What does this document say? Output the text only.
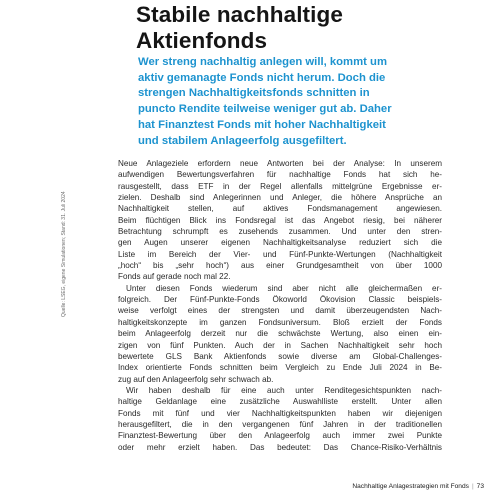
Stabile nachhaltige
Aktienfonds
Wer streng nachhaltig anlegen will, kommt um
aktiv gemanagte Fonds nicht herum. Doch die
strengen Nachhaltigkeitsfonds schnitten in
puncto Rendite teilweise weniger gut ab. Daher
hat Finanztest Fonds mit hoher Nachhaltigkeit
und stabilem Anlageerfolg ausgefiltert.
Neue Anlageziele erfordern neue Antworten bei der Analyse: In unserem
aufwendigen Bewertungsverfahren für nachhaltige Fonds hat sich he-
rausgestellt, dass ETF in der Regel allenfalls mittelgrüne Ergebnisse er-
zielen. Deshalb sind Anlegerinnen und Anleger, die höhere Ansprüche an
Nachhaltigkeit stellen, auf aktives Fondsmanagement angewiesen.
Beim flüchtigen Blick ins Fondsregal ist das Angebot riesig, bei näherer
Betrachtung schrumpft es zusehends zusammen. Und unter den stren-
gen Augen unserer eigenen Nachhaltigkeitsanalyse reduziert sich die
Liste im Bereich der Vier- und Fünf-Punkte-Wertungen (Nachhaltigkeit
„hoch“ bis „sehr hoch“) aus einer Grundgesamtheit von über 1000
Fonds auf gerade noch mal 22.
Unter diesen Fonds wiederum sind aber nicht alle gleichermaßen er-
folgreich. Der Fünf-Punkte-Fonds Ökoworld Ökovision Classic beispiels-
weise verfolgt eines der strengsten und damit überzeugendsten Nach-
haltigkeitskonzepte im ganzen Fondsuniversum. Bloß erzielt der Fonds
beim Anlageerfolg derzeit nur die schwächste Wertung, also einen ein-
zigen von fünf Punkten. Auch der in Sachen Nachhaltigkeit sehr hoch
bewertete GLS Bank Aktienfonds sowie diverse am Global-Challenges-
Index orientierte Fonds schnitten beim Vergleich zu Ende Juli 2024 in Be-
zug auf den Anlageerfolg sehr schwach ab.
Wir haben deshalb für eine auch unter Renditegesichtspunkten nach-
haltige Geldanlage eine zusätzliche Auswahlliste erstellt. Unter allen
Fonds mit fünf und vier Nachhaltigkeitspunkten haben wir diejenigen
herausgefiltert, die in den vergangenen fünf Jahren in der traditionellen
Finanztest-Bewertung über den Anlageerfolg auch immer zwei Punkte
oder mehr erzielt haben. Das bedeutet: Das Chance-Risiko-Verhältnis
Quelle: LSEG, eigene Simulationen; Stand: 31. Juli 2024
Nachhaltige Anlagestrategien mit Fonds | 73
